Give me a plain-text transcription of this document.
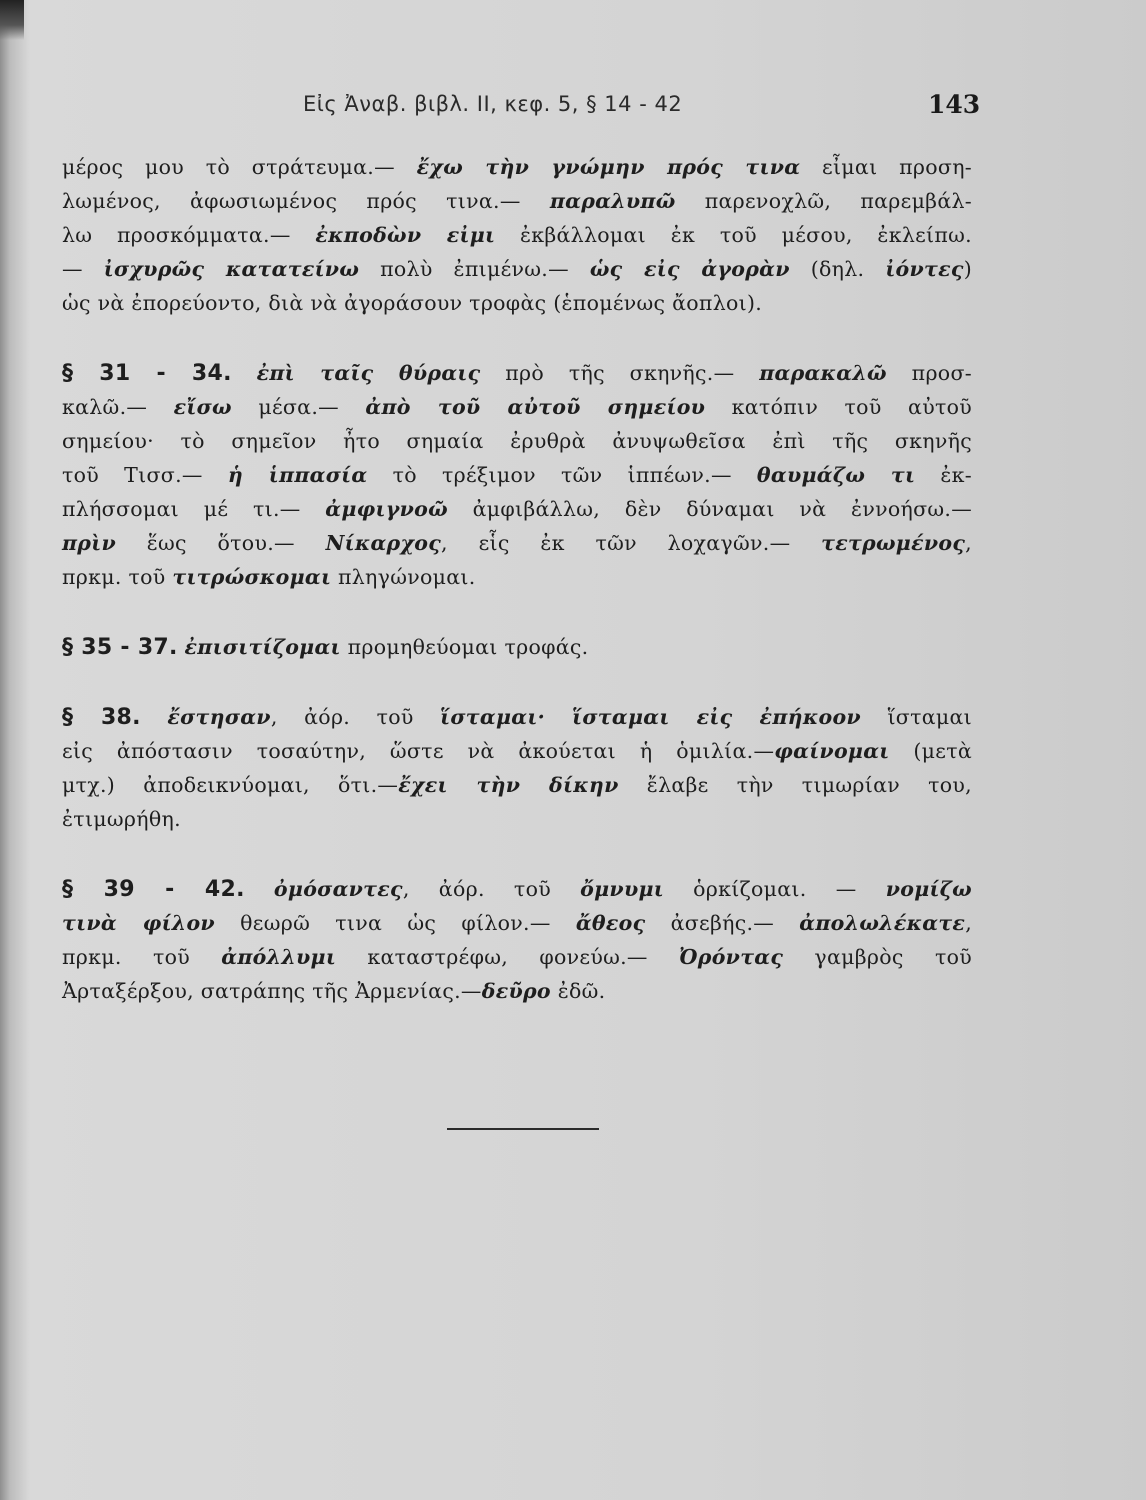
Εἰς Ἀναβ. βιβλ. II, κεφ. 5, § 14 - 42	143
μέρος μου τὸ στράτευμα.— ἔχω τὴν γνώμην πρός τινα εἶμαι προση-
λωμένος, ἀφωσιωμένος πρός τινα.— παραλυπῶ παρενοχλῶ, παρεμβάλ-
λω προσκόμματα.— ἐκποδὼν εἰμι ἐκβάλλομαι ἐκ τοῦ μέσου, ἐκλείπω.
— ἰσχυρῶς κατατείνω πολὺ ἐπιμένω.— ὡς εἰς ἀγορὰν (δηλ. ἰόντες)
ὡς νὰ ἐπορεύοντο, διὰ νὰ ἀγοράσουν τροφὰς (ἑπομένως ἄοπλοι).
§ 31 - 34. ἐπὶ ταῖς θύραις πρὸ τῆς σκηνῆς.— παρακαλῶ προσ-
καλῶ.— εἴσω μέσα.— ἀπὸ τοῦ αὐτοῦ σημείου κατόπιν τοῦ αὐτοῦ
σημείου· τὸ σημεῖον ἦτο σημαία ἐρυθρὰ ἀνυψωθεῖσα ἐπὶ τῆς σκηνῆς
τοῦ Τισσ.— ἡ ἱππασία τὸ τρέξιμον τῶν ἱππέων.— θαυμάζω τι ἐκ-
πλήσσομαι μέ τι.— ἀμφιγνοῶ ἀμφιβάλλω, δὲν δύναμαι νὰ ἐννοήσω.—
πρὶν ἕως ὅτου.— Νίκαρχος, εἷς ἐκ τῶν λοχαγῶν.— τετρωμένος,
πρκμ. τοῦ τιτρώσκομαι πληγώνομαι.
§ 35 - 37. ἐπισιτίζομαι προμηθεύομαι τροφάς.
§ 38. ἔστησαν, ἀόρ. τοῦ ἵσταμαι· ἵσταμαι εἰς ἐπήκοον ἵσταμαι
εἰς ἀπόστασιν τοσαύτην, ὥστε νὰ ἀκούεται ἡ ὁμιλία.—φαίνομαι (μετὰ
μτχ.) ἀποδεικνύομαι, ὅτι.—ἔχει τὴν δίκην ἔλαβε τὴν τιμωρίαν του,
ἐτιμωρήθη.
§ 39 - 42. ὀμόσαντες, ἀόρ. τοῦ ὄμνυμι ὁρκίζομαι. — νομίζω
τινὰ φίλον θεωρῶ τινα ὡς φίλον.— ἄθεος ἀσεβής.— ἀπολωλέκατε,
πρκμ. τοῦ ἀπόλλυμι καταστρέφω, φονεύω.— Ὀρόντας γαμβρὸς τοῦ
Ἀρταξέρξου, σατράπης τῆς Ἀρμενίας.—δεῦρο ἐδῶ.
